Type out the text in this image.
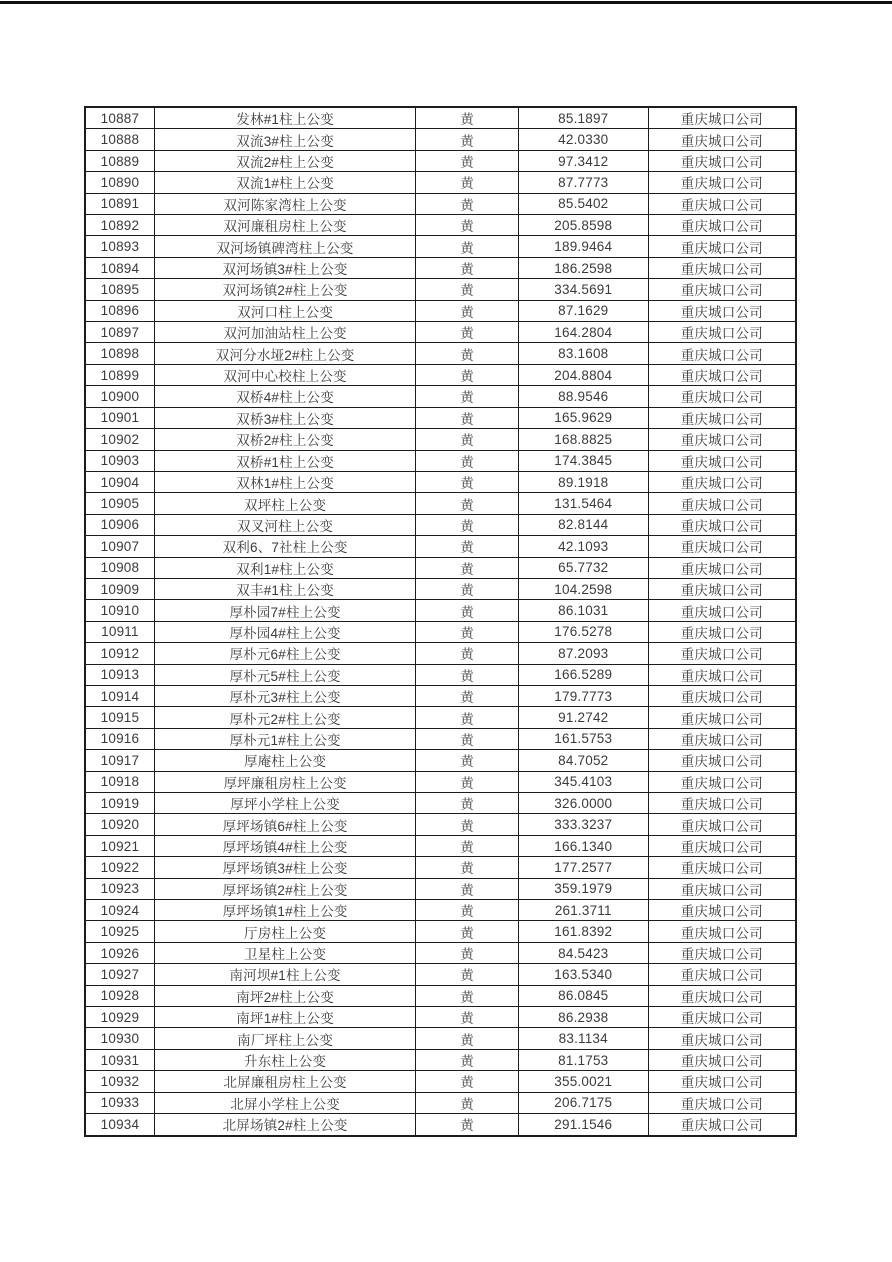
10887	发林#1柱上公变	黄	85.1897	重庆城口公司
10888	双流3#柱上公变	黄	42.0330	重庆城口公司
10889	双流2#柱上公变	黄	97.3412	重庆城口公司
10890	双流1#柱上公变	黄	87.7773	重庆城口公司
10891	双河陈家湾柱上公变	黄	85.5402	重庆城口公司
10892	双河廉租房柱上公变	黄	205.8598	重庆城口公司
10893	双河场镇碑湾柱上公变	黄	189.9464	重庆城口公司
10894	双河场镇3#柱上公变	黄	186.2598	重庆城口公司
10895	双河场镇2#柱上公变	黄	334.5691	重庆城口公司
10896	双河口柱上公变	黄	87.1629	重庆城口公司
10897	双河加油站柱上公变	黄	164.2804	重庆城口公司
10898	双河分水垭2#柱上公变	黄	83.1608	重庆城口公司
10899	双河中心校柱上公变	黄	204.8804	重庆城口公司
10900	双桥4#柱上公变	黄	88.9546	重庆城口公司
10901	双桥3#柱上公变	黄	165.9629	重庆城口公司
10902	双桥2#柱上公变	黄	168.8825	重庆城口公司
10903	双桥#1柱上公变	黄	174.3845	重庆城口公司
10904	双林1#柱上公变	黄	89.1918	重庆城口公司
10905	双坪柱上公变	黄	131.5464	重庆城口公司
10906	双叉河柱上公变	黄	82.8144	重庆城口公司
10907	双利6、7社柱上公变	黄	42.1093	重庆城口公司
10908	双利1#柱上公变	黄	65.7732	重庆城口公司
10909	双丰#1柱上公变	黄	104.2598	重庆城口公司
10910	厚朴园7#柱上公变	黄	86.1031	重庆城口公司
10911	厚朴园4#柱上公变	黄	176.5278	重庆城口公司
10912	厚朴元6#柱上公变	黄	87.2093	重庆城口公司
10913	厚朴元5#柱上公变	黄	166.5289	重庆城口公司
10914	厚朴元3#柱上公变	黄	179.7773	重庆城口公司
10915	厚朴元2#柱上公变	黄	91.2742	重庆城口公司
10916	厚朴元1#柱上公变	黄	161.5753	重庆城口公司
10917	厚庵柱上公变	黄	84.7052	重庆城口公司
10918	厚坪廉租房柱上公变	黄	345.4103	重庆城口公司
10919	厚坪小学柱上公变	黄	326.0000	重庆城口公司
10920	厚坪场镇6#柱上公变	黄	333.3237	重庆城口公司
10921	厚坪场镇4#柱上公变	黄	166.1340	重庆城口公司
10922	厚坪场镇3#柱上公变	黄	177.2577	重庆城口公司
10923	厚坪场镇2#柱上公变	黄	359.1979	重庆城口公司
10924	厚坪场镇1#柱上公变	黄	261.3711	重庆城口公司
10925	厅房柱上公变	黄	161.8392	重庆城口公司
10926	卫星柱上公变	黄	84.5423	重庆城口公司
10927	南河坝#1柱上公变	黄	163.5340	重庆城口公司
10928	南坪2#柱上公变	黄	86.0845	重庆城口公司
10929	南坪1#柱上公变	黄	86.2938	重庆城口公司
10930	南厂坪柱上公变	黄	83.1134	重庆城口公司
10931	升东柱上公变	黄	81.1753	重庆城口公司
10932	北屏廉租房柱上公变	黄	355.0021	重庆城口公司
10933	北屏小学柱上公变	黄	206.7175	重庆城口公司
10934	北屏场镇2#柱上公变	黄	291.1546	重庆城口公司
